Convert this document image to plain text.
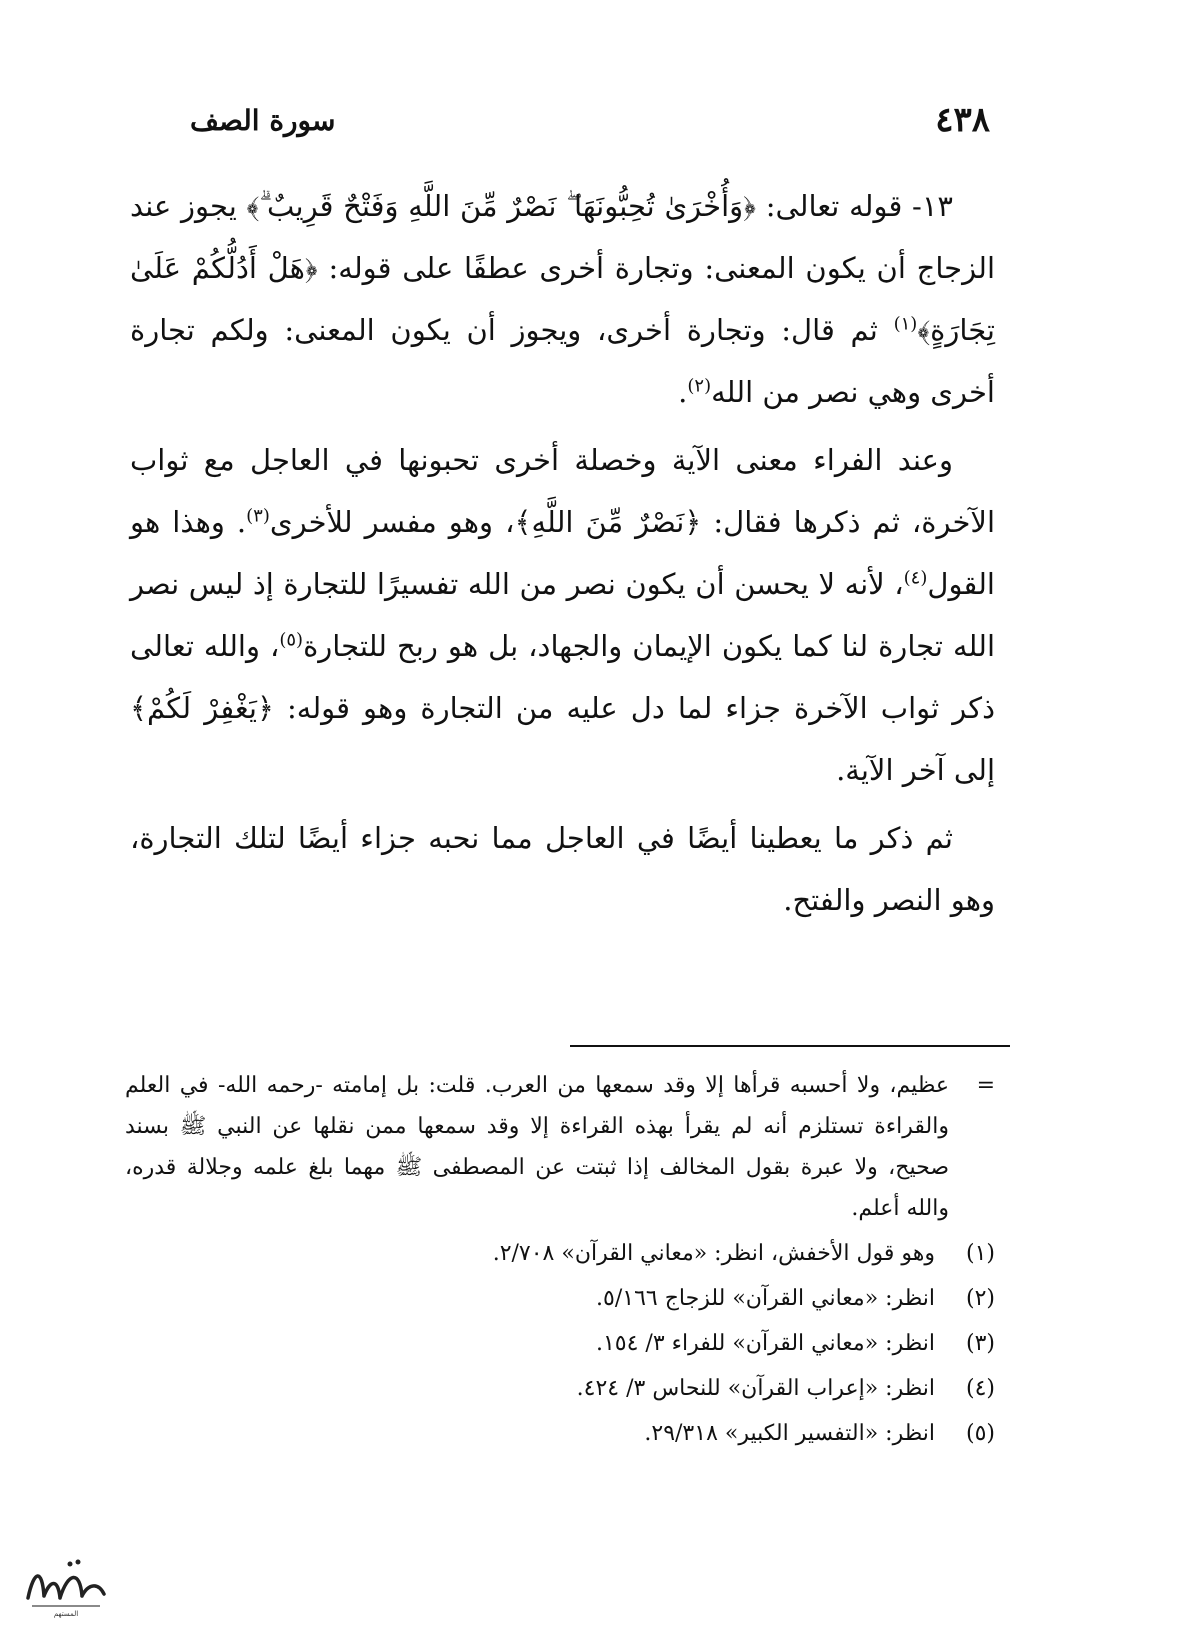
٤٣٨
سورة الصف

١٣- قوله تعالى: ﴿وَأُخْرَىٰ تُحِبُّونَهَا ۖ نَصْرٌ مِّنَ اللَّهِ وَفَتْحٌ قَرِيبٌ ۗ﴾ يجوز عند الزجاج أن يكون المعنى: وتجارة أخرى عطفًا على قوله: ﴿هَلْ أَدُلُّكُمْ عَلَىٰ تِجَارَةٍ﴾$^{(١)}$ ثم قال: وتجارة أخرى، ويجوز أن يكون المعنى: ولكم تجارة أخرى وهي نصر من الله$^{(٢)}$.

وعند الفراء معنى الآية وخصلة أخرى تحبونها في العاجل مع ثواب الآخرة، ثم ذكرها فقال: ﴿نَصْرٌ مِّنَ اللَّهِ﴾، وهو مفسر للأخرى$^{(٣)}$. وهذا هو القول$^{(٤)}$، لأنه لا يحسن أن يكون نصر من الله تفسيرًا للتجارة إذ ليس نصر الله تجارة لنا كما يكون الإيمان والجهاد، بل هو ربح للتجارة$^{(٥)}$، والله تعالى ذكر ثواب الآخرة جزاء لما دل عليه من التجارة وهو قوله: ﴿يَغْفِرْ لَكُمْ﴾ إلى آخر الآية.

ثم ذكر ما يعطينا أيضًا في العاجل مما نحبه جزاء أيضًا لتلك التجارة، وهو النصر والفتح.

=
عظيم، ولا أحسبه قرأها إلا وقد سمعها من العرب. قلت: بل إمامته -رحمه الله- في العلم والقراءة تستلزم أنه لم يقرأ بهذه القراءة إلا وقد سمعها ممن نقلها عن النبي ﷺ بسند صحيح، ولا عبرة بقول المخالف إذا ثبتت عن المصطفى ﷺ مهما بلغ علمه وجلالة قدره، والله أعلم.
(١)
وهو قول الأخفش، انظر: «معاني القرآن» ٢/٧٠٨.
(٢)
انظر: «معاني القرآن» للزجاج ٥/١٦٦.
(٣)
انظر: «معاني القرآن» للفراء ٣/ ١٥٤.
(٤)
انظر: «إعراب القرآن» للنحاس ٣/ ٤٢٤.
(٥)
انظر: «التفسير الكبير» ٢٩/٣١٨.
المستهم
